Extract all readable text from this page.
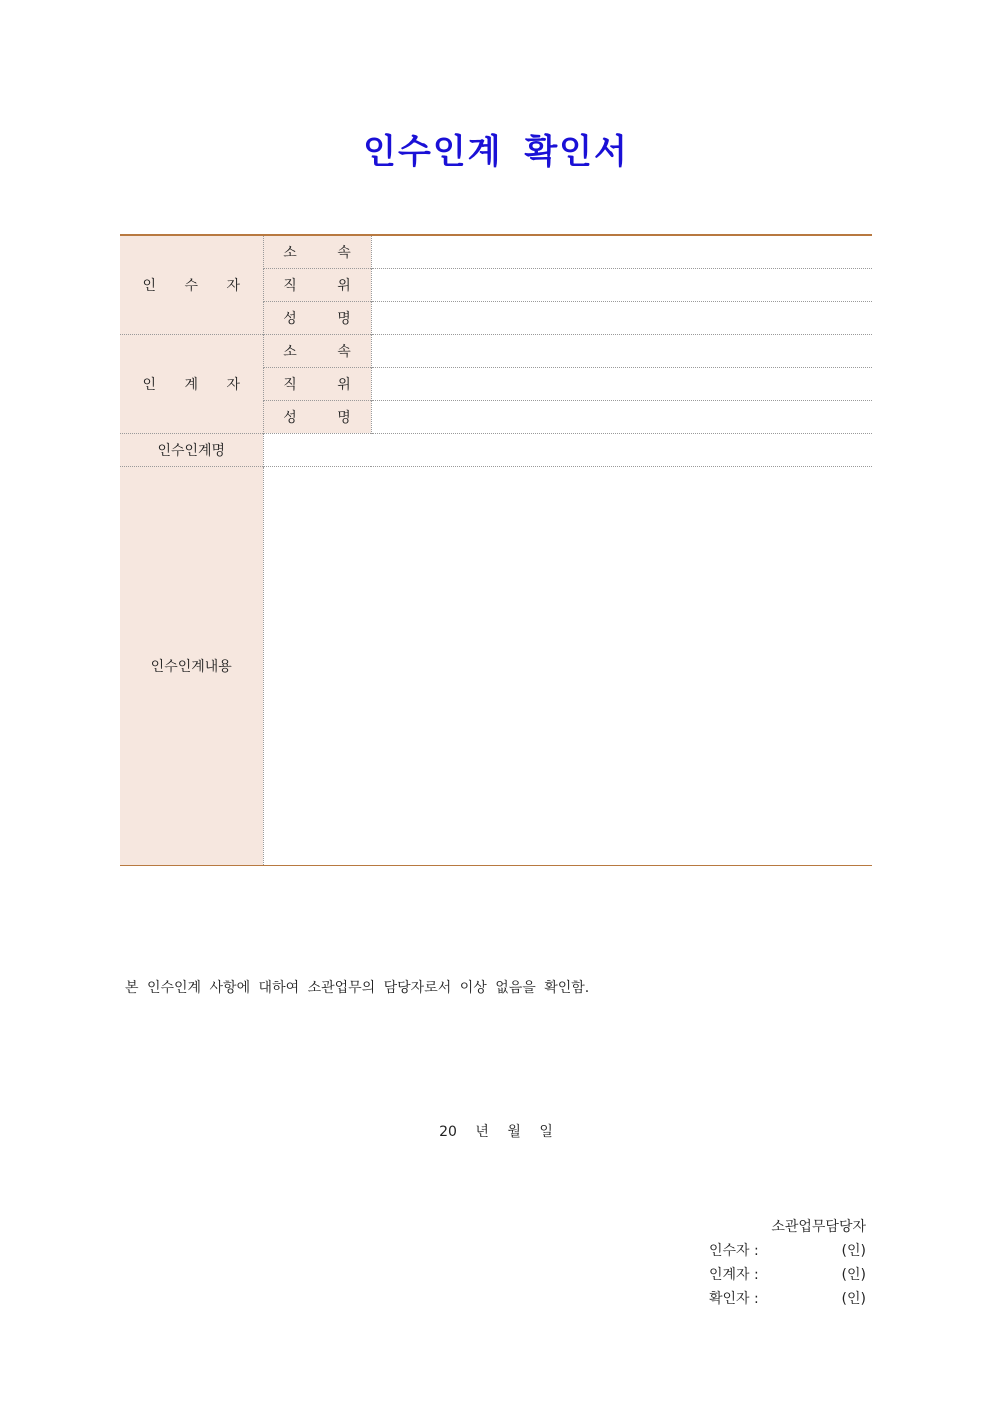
인수인계 확인서
인 수 자	소 속	
	직 위	
	성 명	
인 계 자	소 속	
	직 위	
	성 명	
인수인계명		
인수인계내용		
본 인수인계 사항에 대하여 소관업무의 담당자로서 이상 없음을 확인함.
20 년 월 일
소관업무담당자
인수자 :	(인)
인계자 :	(인)
확인자 :	(인)
